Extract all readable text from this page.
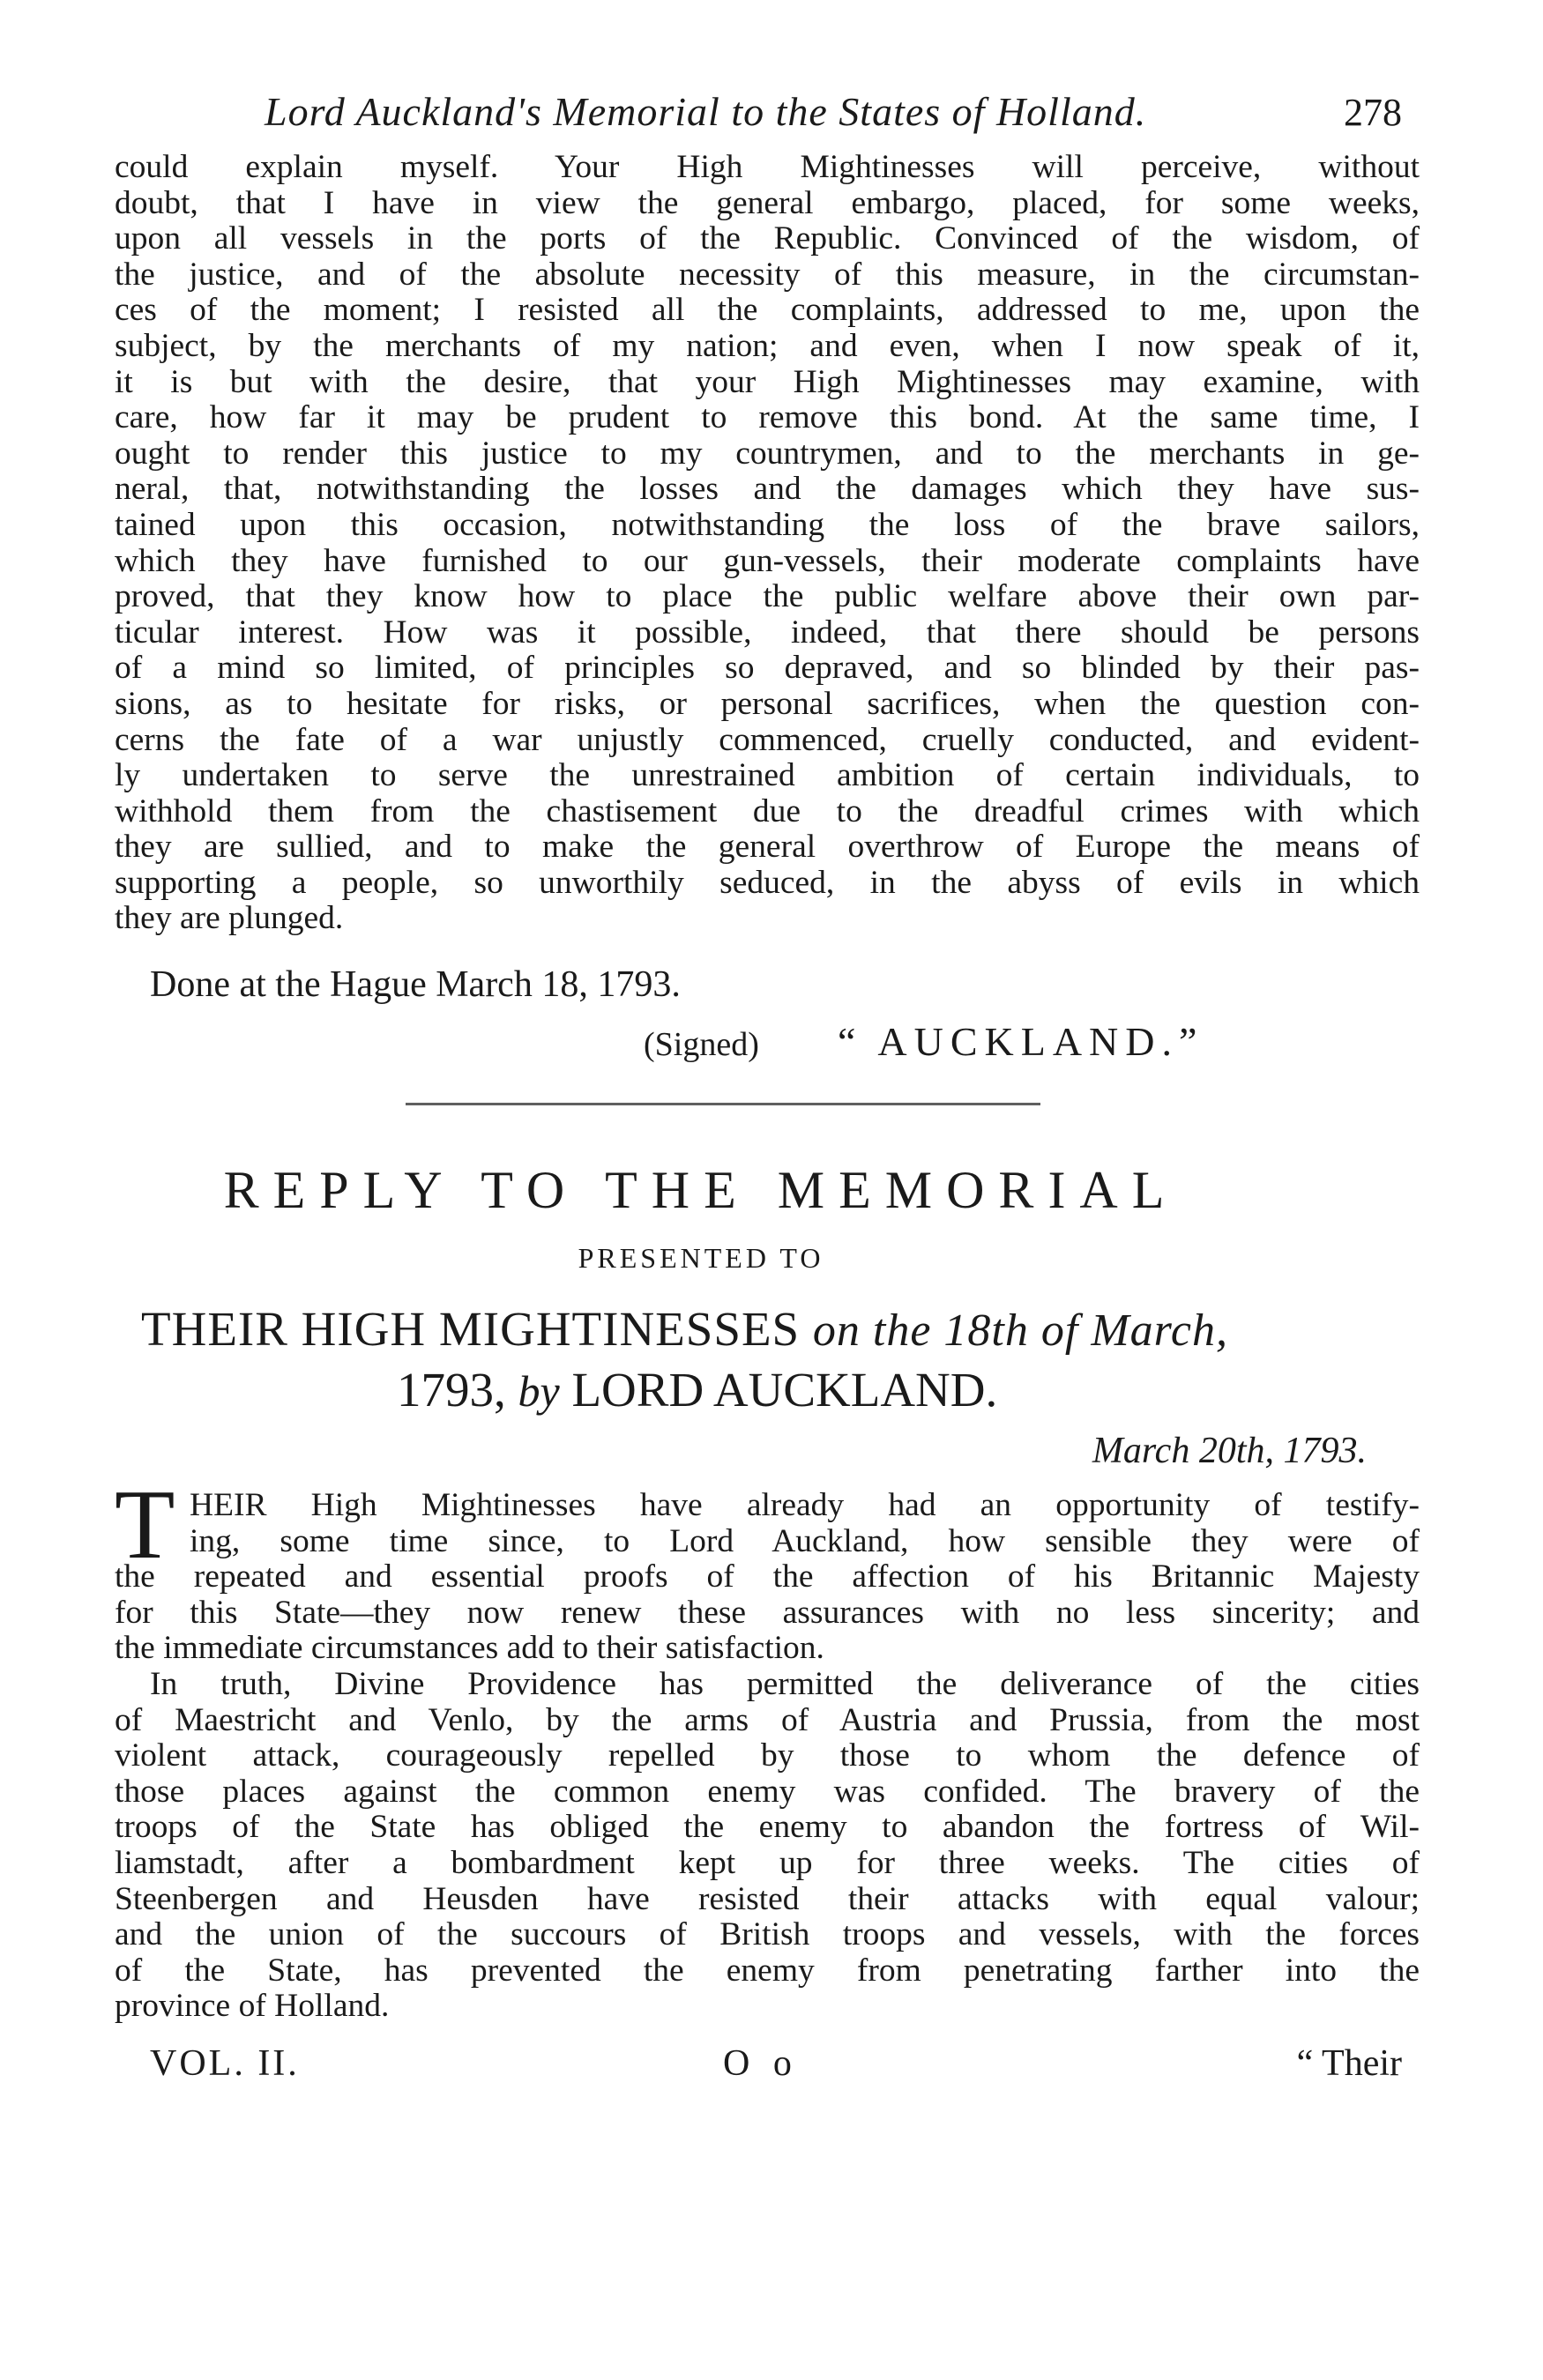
Lord Auckland's Memorial to the States of Holland.	278
could explain myself. Your High Mightinesses will perceive, without
doubt, that I have in view the general embargo, placed, for some weeks,
upon all vessels in the ports of the Republic. Convinced of the wisdom, of
the justice, and of the absolute necessity of this measure, in the circumstan-
ces of the moment; I resisted all the complaints, addressed to me, upon the
subject, by the merchants of my nation; and even, when I now speak of it,
it is but with the desire, that your High Mightinesses may examine, with
care, how far it may be prudent to remove this bond. At the same time, I
ought to render this justice to my countrymen, and to the merchants in ge-
neral, that, notwithstanding the losses and the damages which they have sus-
tained upon this occasion, notwithstanding the loss of the brave sailors,
which they have furnished to our gun-vessels, their moderate complaints have
proved, that they know how to place the public welfare above their own par-
ticular interest. How was it possible, indeed, that there should be persons
of a mind so limited, of principles so depraved, and so blinded by their pas-
sions, as to hesitate for risks, or personal sacrifices, when the question con-
cerns the fate of a war unjustly commenced, cruelly conducted, and evident-
ly undertaken to serve the unrestrained ambition of certain individuals, to
withhold them from the chastisement due to the dreadful crimes with which
they are sullied, and to make the general overthrow of Europe the means of
supporting a people, so unworthily seduced, in the abyss of evils in which
they are plunged.
Done at the Hague March 18, 1793.
(Signed) “ AUCKLAND.”
REPLY TO THE MEMORIAL
PRESENTED TO
THEIR HIGH MIGHTINESSES on the 18th of March,
1793, by LORD AUCKLAND.
March 20th, 1793.
T HEIR High Mightinesses have already had an opportunity of testify-
ing, some time since, to Lord Auckland, how sensible they were of
the repeated and essential proofs of the affection of his Britannic Majesty
for this State—they now renew these assurances with no less sincerity; and
the immediate circumstances add to their satisfaction.
In truth, Divine Providence has permitted the deliverance of the cities
of Maestricht and Venlo, by the arms of Austria and Prussia, from the most
violent attack, courageously repelled by those to whom the defence of
those places against the common enemy was confided. The bravery of the
troops of the State has obliged the enemy to abandon the fortress of Wil-
liamstadt, after a bombardment kept up for three weeks. The cities of
Steenbergen and Heusden have resisted their attacks with equal valour;
and the union of the succours of British troops and vessels, with the forces
of the State, has prevented the enemy from penetrating farther into the
province of Holland.
VOL. II.	O o	“ Their
